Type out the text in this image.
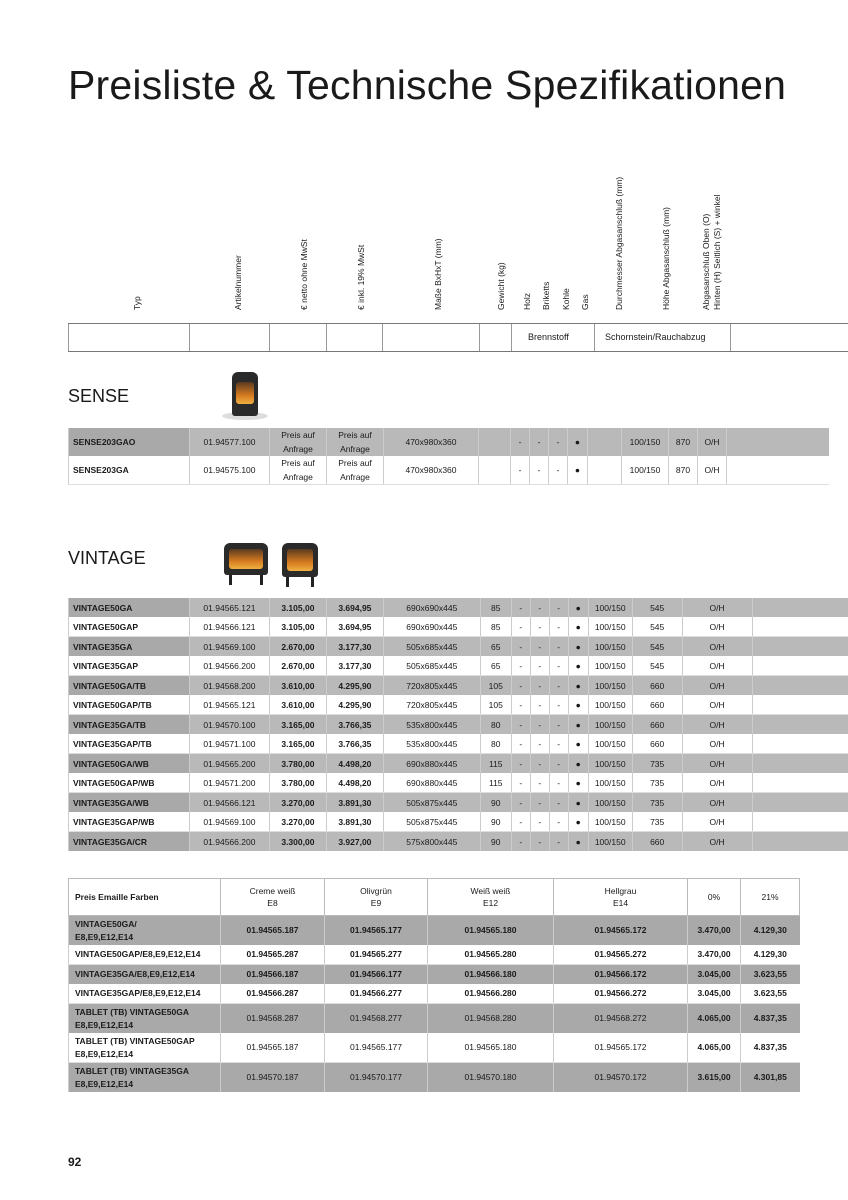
Preisliste & Technische Spezifikationen
Typ	Artikelnummer	€ netto ohne MwSt	€ inkl. 19% MwSt	Maße BxHxT (mm)	Gewicht (kg) Holz Briketts Kohle Gas	Durchmesser Abgasanschluß (mm)	Höhe Abgasanschluß (mm)	Abgasanschluß Oben (O) Hinten (H) Seitlich (S) + winkel
Brennstoff	Schornstein/Rauchabzug
SENSE
SENSE203GAO	01.94577.100	Preis auf
Anfrage	Preis auf
Anfrage	470x980x360		-	-	-	●		100/150	870	O/H	
SENSE203GA	01.94575.100	Preis auf
Anfrage	Preis auf
Anfrage	470x980x360		-	-	-	●		100/150	870	O/H	
VINTAGE
VINTAGE50GA	01.94565.121	3.105,00	3.694,95	690x690x445	85	-	-	-	●	100/150	545	O/H	
VINTAGE50GAP	01.94566.121	3.105,00	3.694,95	690x690x445	85	-	-	-	●	100/150	545	O/H	
VINTAGE35GA	01.94569.100	2.670,00	3.177,30	505x685x445	65	-	-	-	●	100/150	545	O/H	
VINTAGE35GAP	01.94566.200	2.670,00	3.177,30	505x685x445	65	-	-	-	●	100/150	545	O/H	
VINTAGE50GA/TB	01.94568.200	3.610,00	4.295,90	720x805x445	105	-	-	-	●	100/150	660	O/H	
VINTAGE50GAP/TB	01.94565.121	3.610,00	4.295,90	720x805x445	105	-	-	-	●	100/150	660	O/H	
VINTAGE35GA/TB	01.94570.100	3.165,00	3.766,35	535x800x445	80	-	-	-	●	100/150	660	O/H	
VINTAGE35GAP/TB	01.94571.100	3.165,00	3.766,35	535x800x445	80	-	-	-	●	100/150	660	O/H	
VINTAGE50GA/WB	01.94565.200	3.780,00	4.498,20	690x880x445	115	-	-	-	●	100/150	735	O/H	
VINTAGE50GAP/WB	01.94571.200	3.780,00	4.498,20	690x880x445	115	-	-	-	●	100/150	735	O/H	
VINTAGE35GA/WB	01.94566.121	3.270,00	3.891,30	505x875x445	90	-	-	-	●	100/150	735	O/H	
VINTAGE35GAP/WB	01.94569.100	3.270,00	3.891,30	505x875x445	90	-	-	-	●	100/150	735	O/H	
VINTAGE35GA/CR	01.94566.200	3.300,00	3.927,00	575x800x445	90	-	-	-	●	100/150	660	O/H	
Preis Emaille Farben	Creme weiß
E8	Olivgrün
E9	Weiß weiß
E12	Hellgrau
E14	0%	21%
VINTAGE50GA/
E8,E9,E12,E14	01.94565.187	01.94565.177	01.94565.180	01.94565.172	3.470,00	4.129,30
VINTAGE50GAP/E8,E9,E12,E14	01.94565.287	01.94565.277	01.94565.280	01.94565.272	3.470,00	4.129,30
VINTAGE35GA/E8,E9,E12,E14	01.94566.187	01.94566.177	01.94566.180	01.94566.172	3.045,00	3.623,55
VINTAGE35GAP/E8,E9,E12,E14	01.94566.287	01.94566.277	01.94566.280	01.94566.272	3.045,00	3.623,55
TABLET (TB) VINTAGE50GA
E8,E9,E12,E14	01.94568.287	01.94568.277	01.94568.280	01.94568.272	4.065,00	4.837,35
TABLET (TB) VINTAGE50GAP
E8,E9,E12,E14	01.94565.187	01.94565.177	01.94565.180	01.94565.172	4.065,00	4.837,35
TABLET (TB) VINTAGE35GA
E8,E9,E12,E14	01.94570.187	01.94570.177	01.94570.180	01.94570.172	3.615,00	4.301,85
92
